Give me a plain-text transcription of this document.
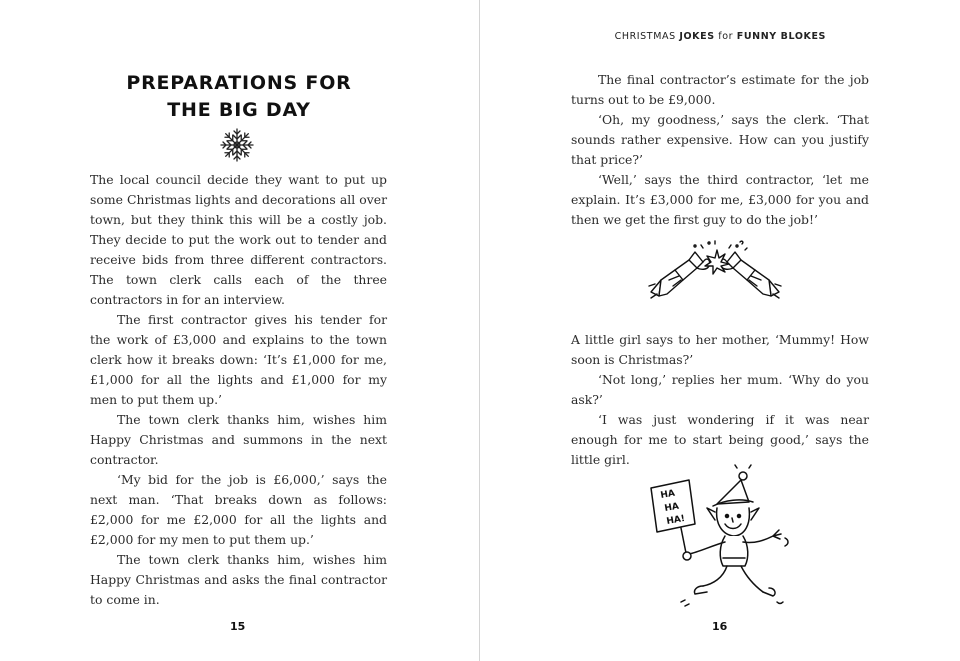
PREPARATIONS FOR
THE BIG DAY

The local council decide they want to put up some Christmas lights and decorations all over town, but they think this will be a costly job. They decide to put the work out to tender and receive bids from three different contractors. The town clerk calls each of the three contractors in for an interview.

The first contractor gives his tender for the work of £3,000 and explains to the town clerk how it breaks down: ‘It’s £1,000 for me, £1,000 for all the lights and £1,000 for my men to put them up.’

The town clerk thanks him, wishes him Happy Christmas and summons in the next contractor.

‘My bid for the job is £6,000,’ says the next man. ‘That breaks down as follows: £2,000 for me £2,000 for all the lights and £2,000 for my men to put them up.’

The town clerk thanks him, wishes him Happy Christmas and asks the final contractor to come in.

15
CHRISTMAS JOKES for FUNNY BLOKES

The final contractor’s estimate for the job turns out to be £9,000.

‘Oh, my goodness,’ says the clerk. ‘That sounds rather expensive. How can you justify that price?’

‘Well,’ says the third contractor, ‘let me explain. It’s £3,000 for me, £3,000 for you and then we get the first guy to do the job!’

A little girl says to her mother, ‘Mummy! How soon is Christmas?’

‘Not long,’ replies her mum. ‘Why do you ask?’

‘I was just wondering if it was near enough for me to start being good,’ says the little girl.

HA
HA
HA!
16
